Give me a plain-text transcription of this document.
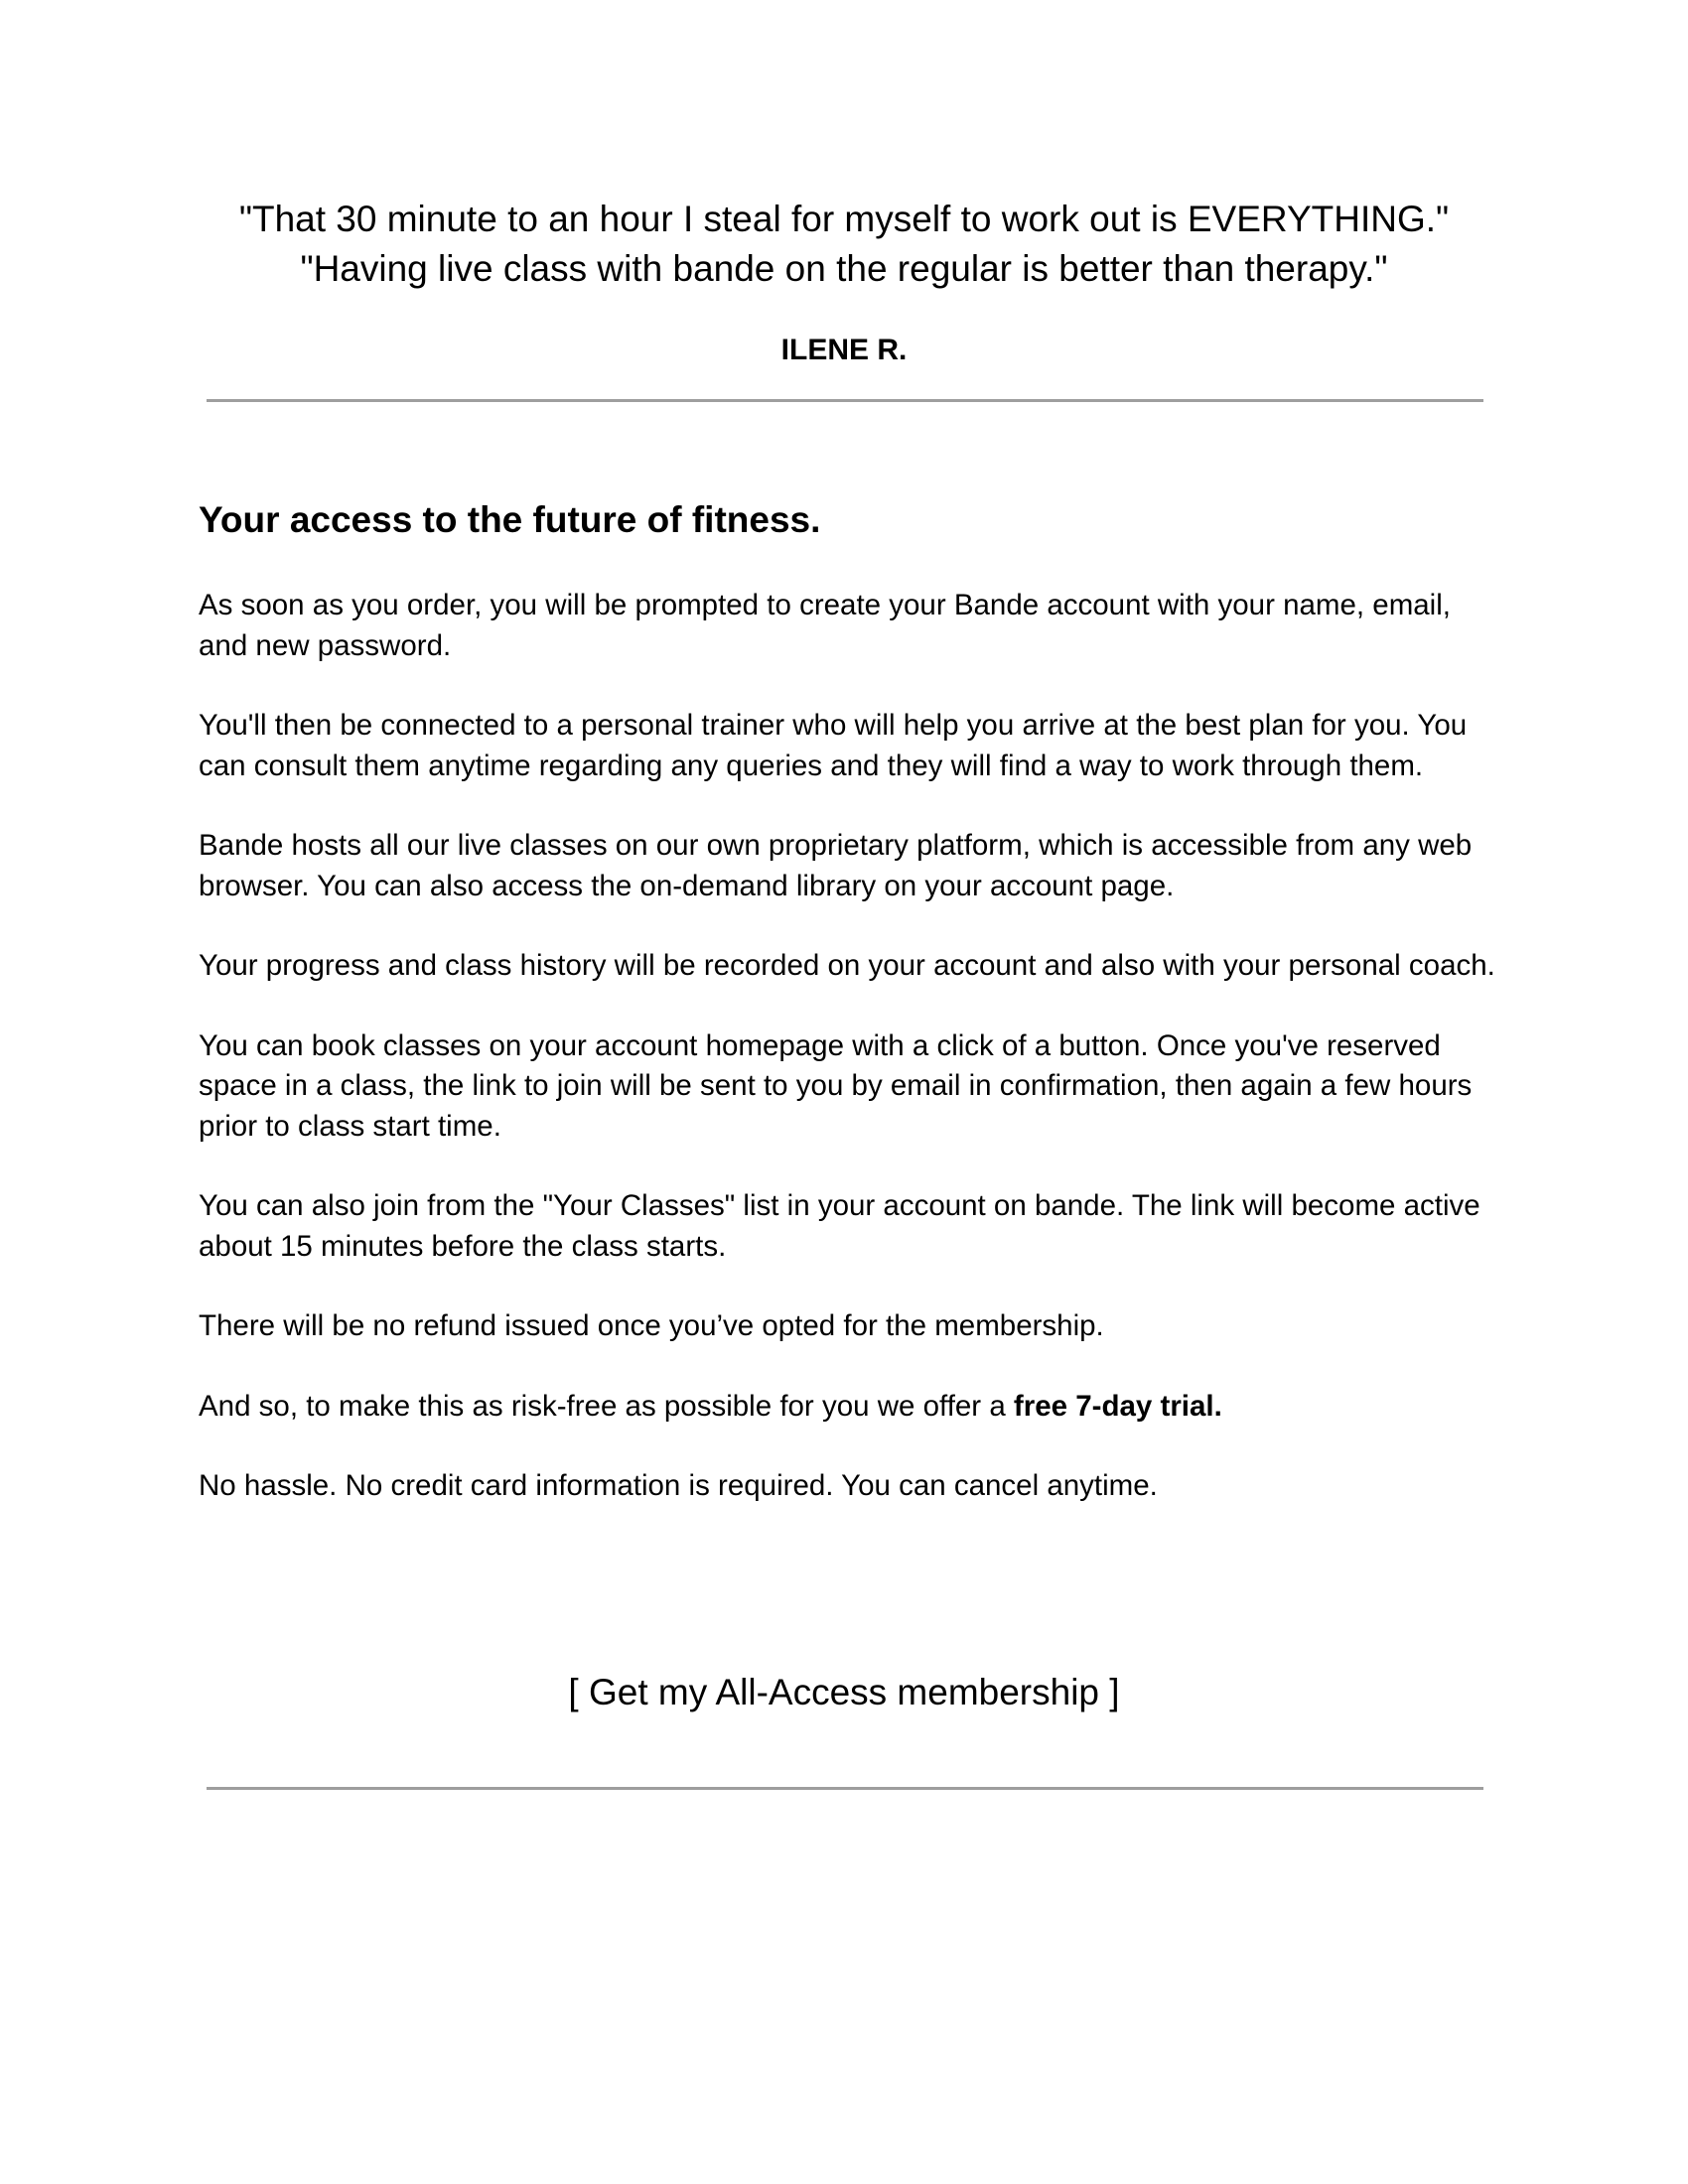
"That 30 minute to an hour I steal for myself to work out is EVERYTHING."

"Having live class with bande on the regular is better than therapy."

ILENE R.

Your access to the future of fitness.

As soon as you order, you will be prompted to create your Bande account with your name, email, and new password.

You'll then be connected to a personal trainer who will help you arrive at the best plan for you. You can consult them anytime regarding any queries and they will find a way to work through them.

Bande hosts all our live classes on our own proprietary platform, which is accessible from any web browser. You can also access the on-demand library on your account page.

Your progress and class history will be recorded on your account and also with your personal coach.

You can book classes on your account homepage with a click of a button. Once you've reserved space in a class, the link to join will be sent to you by email in confirmation, then again a few hours prior to class start time.

You can also join from the "Your Classes" list in your account on bande. The link will become active about 15 minutes before the class starts.

There will be no refund issued once you’ve opted for the membership.

And so, to make this as risk-free as possible for you we offer a free 7-day trial.

No hassle. No credit card information is required. You can cancel anytime.

[ Get my All-Access membership ]
